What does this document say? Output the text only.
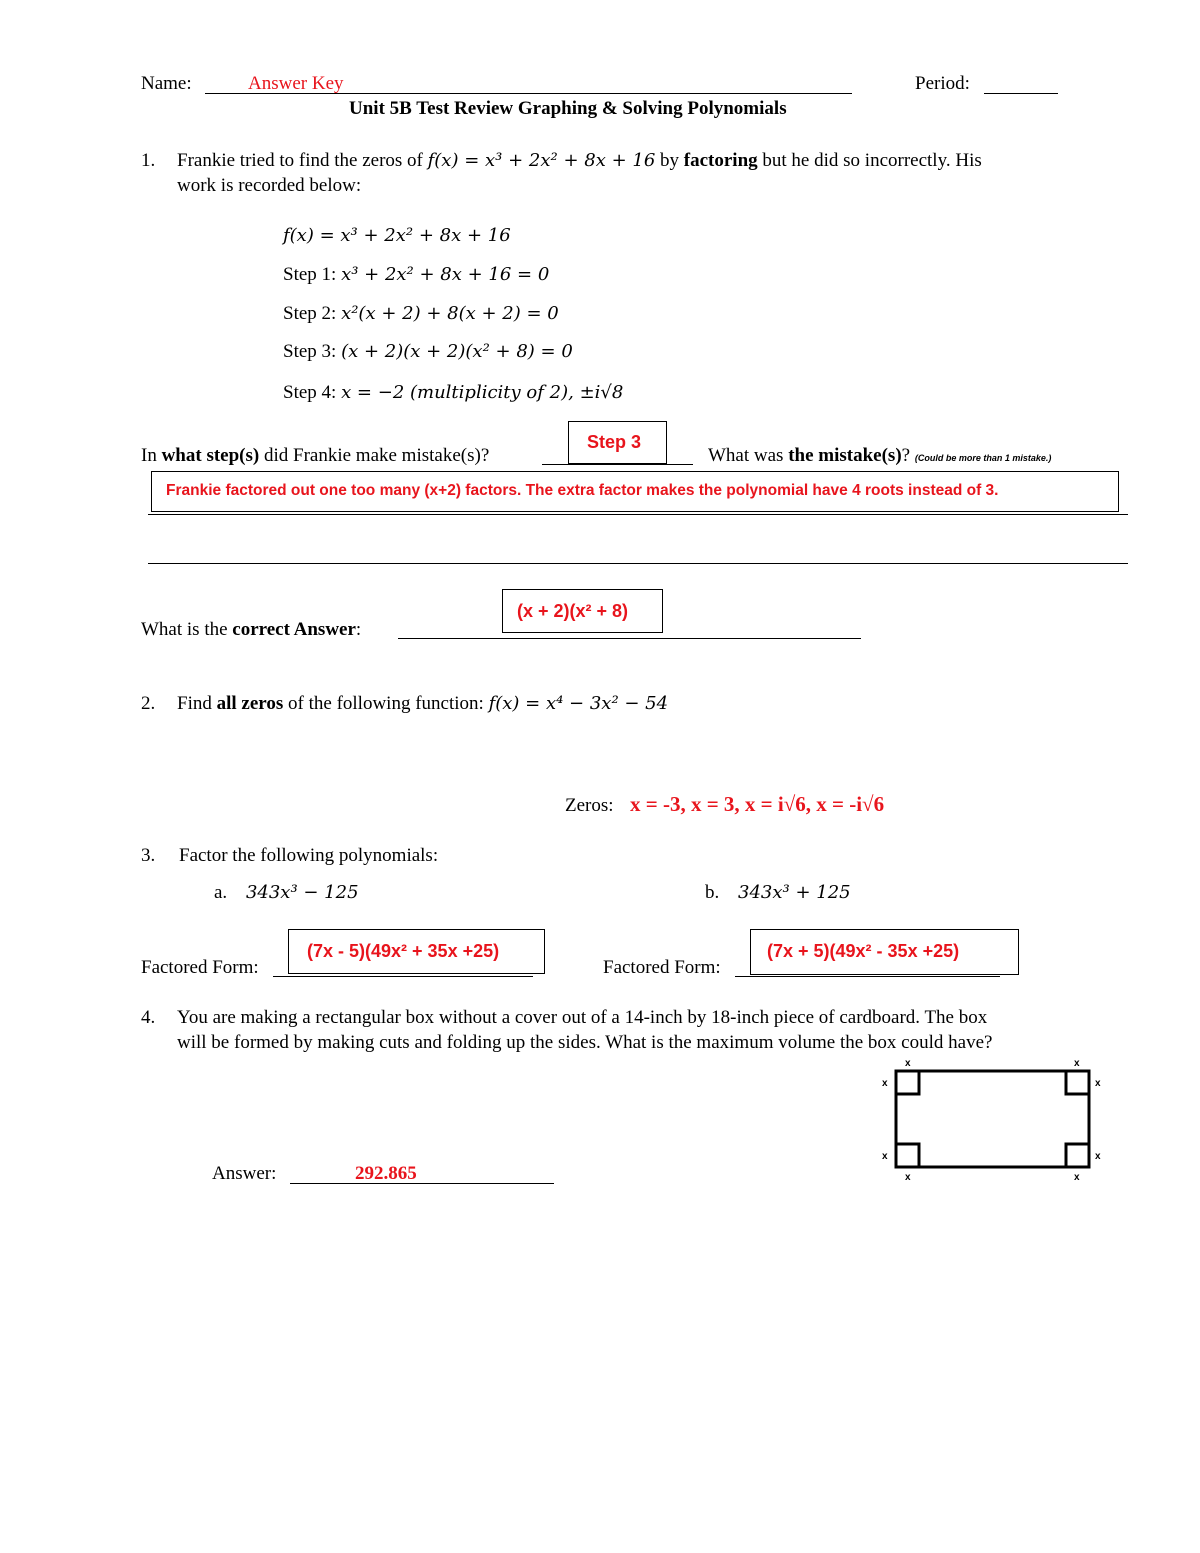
Name:	Answer Key	Period:
Unit 5B Test Review Graphing & Solving Polynomials
1. Frankie tried to find the zeros of f(x) = x³ + 2x² + 8x + 16 by factoring but he did so incorrectly. His
work is recorded below:
f(x) = x³ + 2x² + 8x + 16
Step 1: x³ + 2x² + 8x + 16 = 0
Step 2: x²(x + 2) + 8(x + 2) = 0
Step 3: (x + 2)(x + 2)(x² + 8) = 0
Step 4: x = −2 (multiplicity of 2), ±i√8
In what step(s) did Frankie make mistake(s)?
Step 3
What was the mistake(s)? (Could be more than 1 mistake.)
Frankie factored out one too many (x+2) factors. The extra factor makes the polynomial have 4 roots instead of 3.
What is the correct Answer:
(x + 2)(x² + 8)
2. Find all zeros of the following function: f(x) = x⁴ − 3x² − 54
Zeros: x = -3, x = 3, x = i√6, x = -i√6
3. Factor the following polynomials:
a. 343x³ − 125	b. 343x³ + 125
Factored Form:
(7x - 5)(49x² + 35x +25)
Factored Form:
(7x + 5)(49x² - 35x +25)
4. You are making a rectangular box without a cover out of a 14-inch by 18-inch piece of cardboard. The box
will be formed by making cuts and folding up the sides. What is the maximum volume the box could have?
Answer:	292.865
x	x
x	x
x	x
x	x
